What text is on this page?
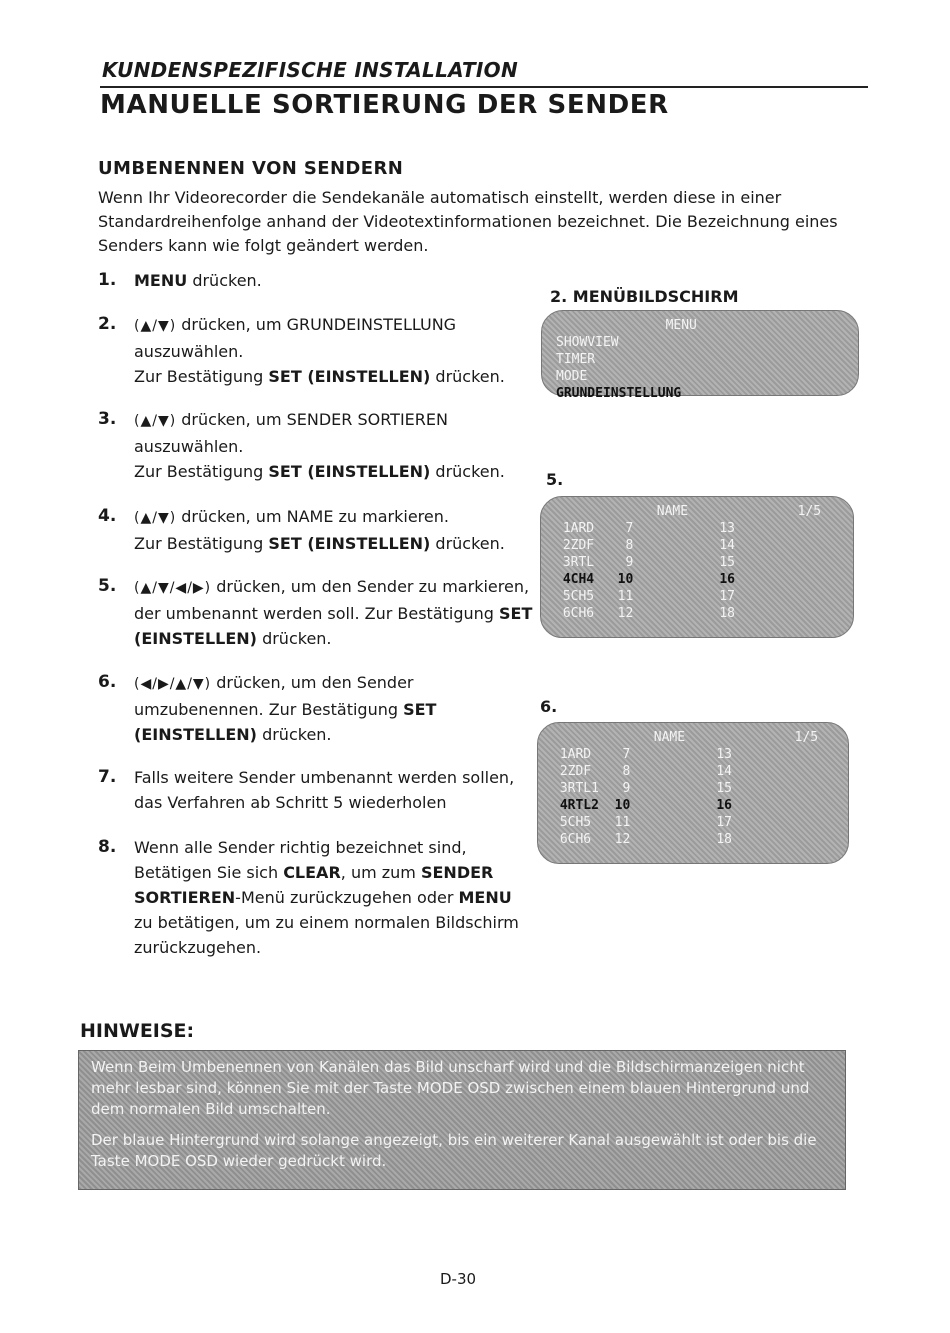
KUNDENSPEZIFISCHE INSTALLATION
MANUELLE SORTIERUNG DER SENDER
UMBENENNEN VON SENDERN
Wenn Ihr Videorecorder die Sendekanäle automatisch einstellt, werden diese in einer Standardreihenfolge anhand der Videotextinformationen bezeichnet. Die Bezeichnung eines Senders kann wie folgt geändert werden.
1. MENU drücken.
2. (▲/▼) drücken, um GRUNDEINSTELLUNG auszuwählen.
Zur Bestätigung SET (EINSTELLEN) drücken.
3. (▲/▼) drücken, um SENDER SORTIEREN auszuwählen.
Zur Bestätigung SET (EINSTELLEN) drücken.
4. (▲/▼) drücken, um NAME zu markieren.
Zur Bestätigung SET (EINSTELLEN) drücken.
5. (▲/▼/◀/▶) drücken, um den Sender zu markieren, der umbenannt werden soll. Zur Bestätigung SET (EINSTELLEN) drücken.
6. (◀/▶/▲/▼) drücken, um den Sender umzubenennen. Zur Bestätigung SET (EINSTELLEN) drücken.
7. Falls weitere Sender umbenannt werden sollen, das Verfahren ab Schritt 5 wiederholen
8. Wenn alle Sender richtig bezeichnet sind, Betätigen Sie sich CLEAR, um zum SENDER SORTIEREN-Menü zurückzugehen oder MENU zu betätigen, um zu einem normalen Bildschirm zurückzugehen.
2. MENÜBILDSCHIRM
MENU
SHOWVIEW
TIMER
MODE
GRUNDEINSTELLUNG
5.
NAME              1/5
1ARD    7           13
2ZDF    8           14
3RTL    9           15
4CH4   10           16
5CH5   11           17
6CH6   12           18
6.
NAME              1/5
1ARD    7           13
2ZDF    8           14
3RTL1   9           15
4RTL2  10           16
5CH5   11           17
6CH6   12           18
HINWEISE:

Wenn Beim Umbenennen von Kanälen das Bild unscharf wird und die Bildschirmanzeigen nicht mehr lesbar sind, können Sie mit der Taste MODE OSD zwischen einem blauen Hintergrund und dem normalen Bild umschalten.

Der blaue Hintergrund wird solange angezeigt, bis ein weiterer Kanal ausgewählt ist oder bis die Taste MODE OSD wieder gedrückt wird.

D-30
